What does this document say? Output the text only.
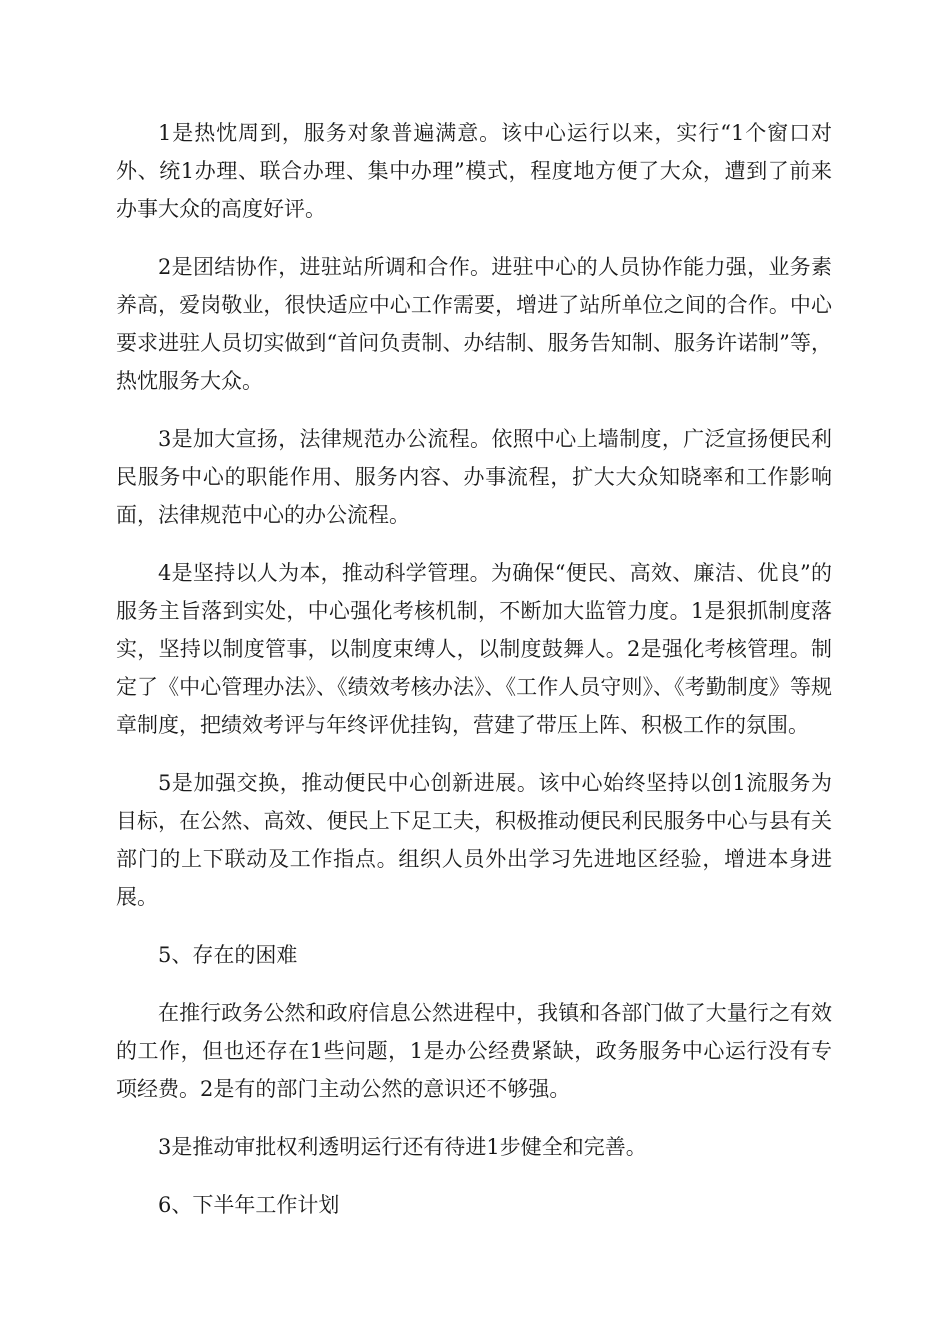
1是热忱周到，服务对象普遍满意。该中心运行以来，实行“1个窗口对外、统1办理、联合办理、集中办理”模式，程度地方便了大众，遭到了前来办事大众的高度好评。

2是团结协作，进驻站所调和合作。进驻中心的人员协作能力强，业务素养高，爱岗敬业，很快适应中心工作需要，增进了站所单位之间的合作。中心要求进驻人员切实做到“首问负责制、办结制、服务告知制、服务许诺制”等，热忱服务大众。

3是加大宣扬，法律规范办公流程。依照中心上墙制度，广泛宣扬便民利民服务中心的职能作用、服务内容、办事流程，扩大大众知晓率和工作影响面，法律规范中心的办公流程。

4是坚持以人为本，推动科学管理。为确保“便民、高效、廉洁、优良”的服务主旨落到实处，中心强化考核机制，不断加大监管力度。1是狠抓制度落实，坚持以制度管事，以制度束缚人，以制度鼓舞人。2是强化考核管理。制定了《中心管理办法》、《绩效考核办法》、《工作人员守则》、《考勤制度》等规章制度，把绩效考评与年终评优挂钩，营建了带压上阵、积极工作的氛围。

5是加强交换，推动便民中心创新进展。该中心始终坚持以创1流服务为目标，在公然、高效、便民上下足工夫，积极推动便民利民服务中心与县有关部门的上下联动及工作指点。组织人员外出学习先进地区经验，增进本身进展。

5、存在的困难

在推行政务公然和政府信息公然进程中，我镇和各部门做了大量行之有效的工作，但也还存在1些问题，1是办公经费紧缺，政务服务中心运行没有专项经费。2是有的部门主动公然的意识还不够强。

3是推动审批权利透明运行还有待进1步健全和完善。

6、下半年工作计划
